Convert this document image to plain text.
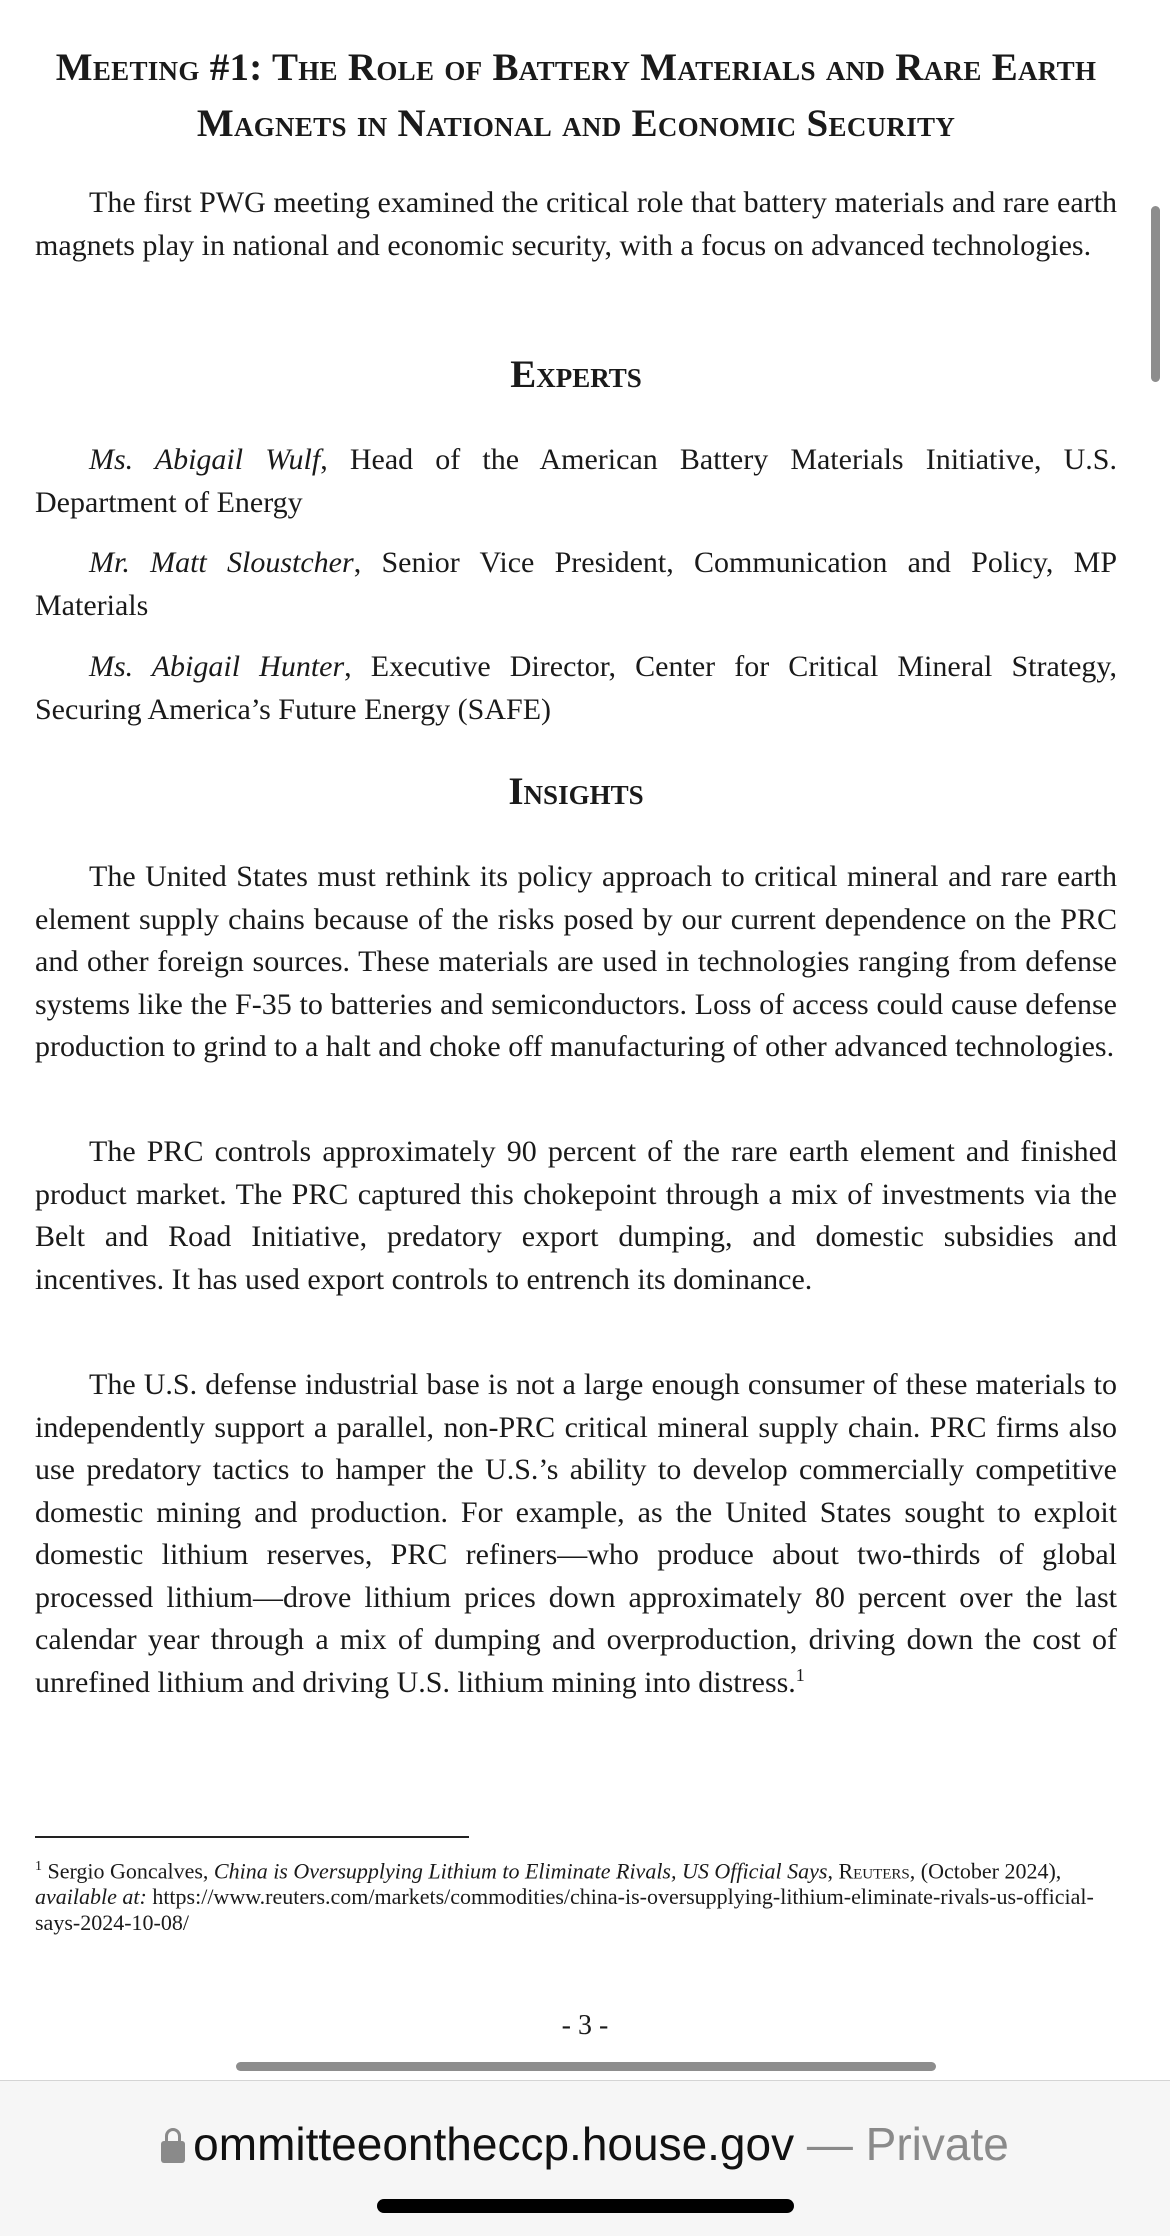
Meeting #1: The Role of Battery Materials and Rare Earth Magnets in National and Economic Security

The first PWG meeting examined the critical role that battery materials and rare earth magnets play in national and economic security, with a focus on advanced technologies.

Experts

Ms. Abigail Wulf, Head of the American Battery Materials Initiative, U.S. Department of Energy

Mr. Matt Sloustcher, Senior Vice President, Communication and Policy, MP Materials

Ms. Abigail Hunter, Executive Director, Center for Critical Mineral Strategy, Securing America’s Future Energy (SAFE)

Insights

The United States must rethink its policy approach to critical mineral and rare earth element supply chains because of the risks posed by our current dependence on the PRC and other foreign sources. These materials are used in technologies ranging from defense systems like the F-35 to batteries and semiconductors. Loss of access could cause defense production to grind to a halt and choke off manufacturing of other advanced technologies.

The PRC controls approximately 90 percent of the rare earth element and finished product market. The PRC captured this chokepoint through a mix of investments via the Belt and Road Initiative, predatory export dumping, and domestic subsidies and incentives. It has used export controls to entrench its dominance.

The U.S. defense industrial base is not a large enough consumer of these materials to independently support a parallel, non-PRC critical mineral supply chain. PRC firms also use predatory tactics to hamper the U.S.’s ability to develop commercially competitive domestic mining and production. For example, as the United States sought to exploit domestic lithium reserves, PRC refiners—who produce about two-thirds of global processed lithium—drove lithium prices down approximately 80 percent over the last calendar year through a mix of dumping and overproduction, driving down the cost of unrefined lithium and driving U.S. lithium mining into distress.$^1$

$^1$ Sergio Goncalves, China is Oversupplying Lithium to Eliminate Rivals, US Official Says, Reuters, (October 2024), available at: https://www.reuters.com/markets/commodities/china-is-oversupplying-lithium-eliminate-rivals-us-official-says-2024-10-08/

- 3 -
ommitteeontheccp.house.gov — Private
